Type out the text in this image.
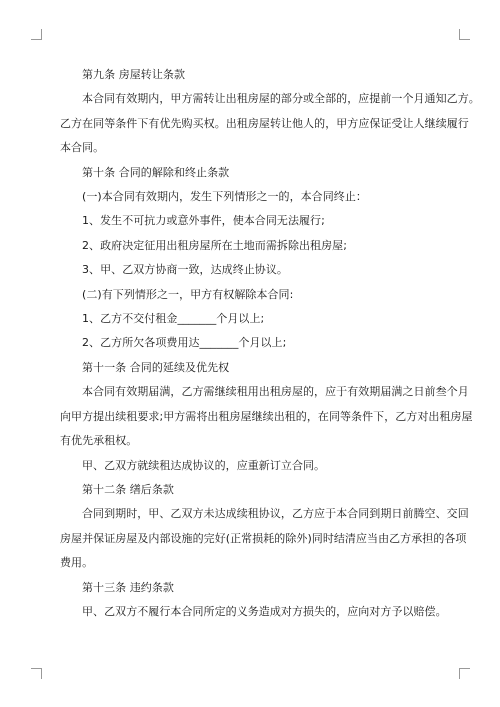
第九条 房屋转让条款

本合同有效期内，甲方需转让出租房屋的部分或全部的，应提前一个月通知乙方。

乙方在同等条件下有优先购买权。出租房屋转让他人的，甲方应保证受让人继续履行

本合同。

第十条 合同的解除和终止条款

(一)本合同有效期内，发生下列情形之一的，本合同终止：

1、发生不可抗力或意外事件，使本合同无法履行;

2、政府决定征用出租房屋所在土地而需拆除出租房屋;

3、甲、乙双方协商一致，达成终止协议。

(二)有下列情形之一，甲方有权解除本合同:

1、乙方不交付租金_______个月以上;

2、乙方所欠各项费用达_______个月以上;

第十一条 合同的延续及优先权

本合同有效期届满，乙方需继续租用出租房屋的，应于有效期届满之日前叁个月

向甲方提出续租要求;甲方需将出租房屋继续出租的，在同等条件下，乙方对出租房屋

有优先承租权。

甲、乙双方就续租达成协议的，应重新订立合同。

第十二条 缮后条款

合同到期时，甲、乙双方未达成续租协议，乙方应于本合同到期日前腾空、交回

房屋并保证房屋及内部设施的完好(正常损耗的除外)同时结清应当由乙方承担的各项

费用。

第十三条 违约条款

甲、乙双方不履行本合同所定的义务造成对方损失的，应向对方予以赔偿。
